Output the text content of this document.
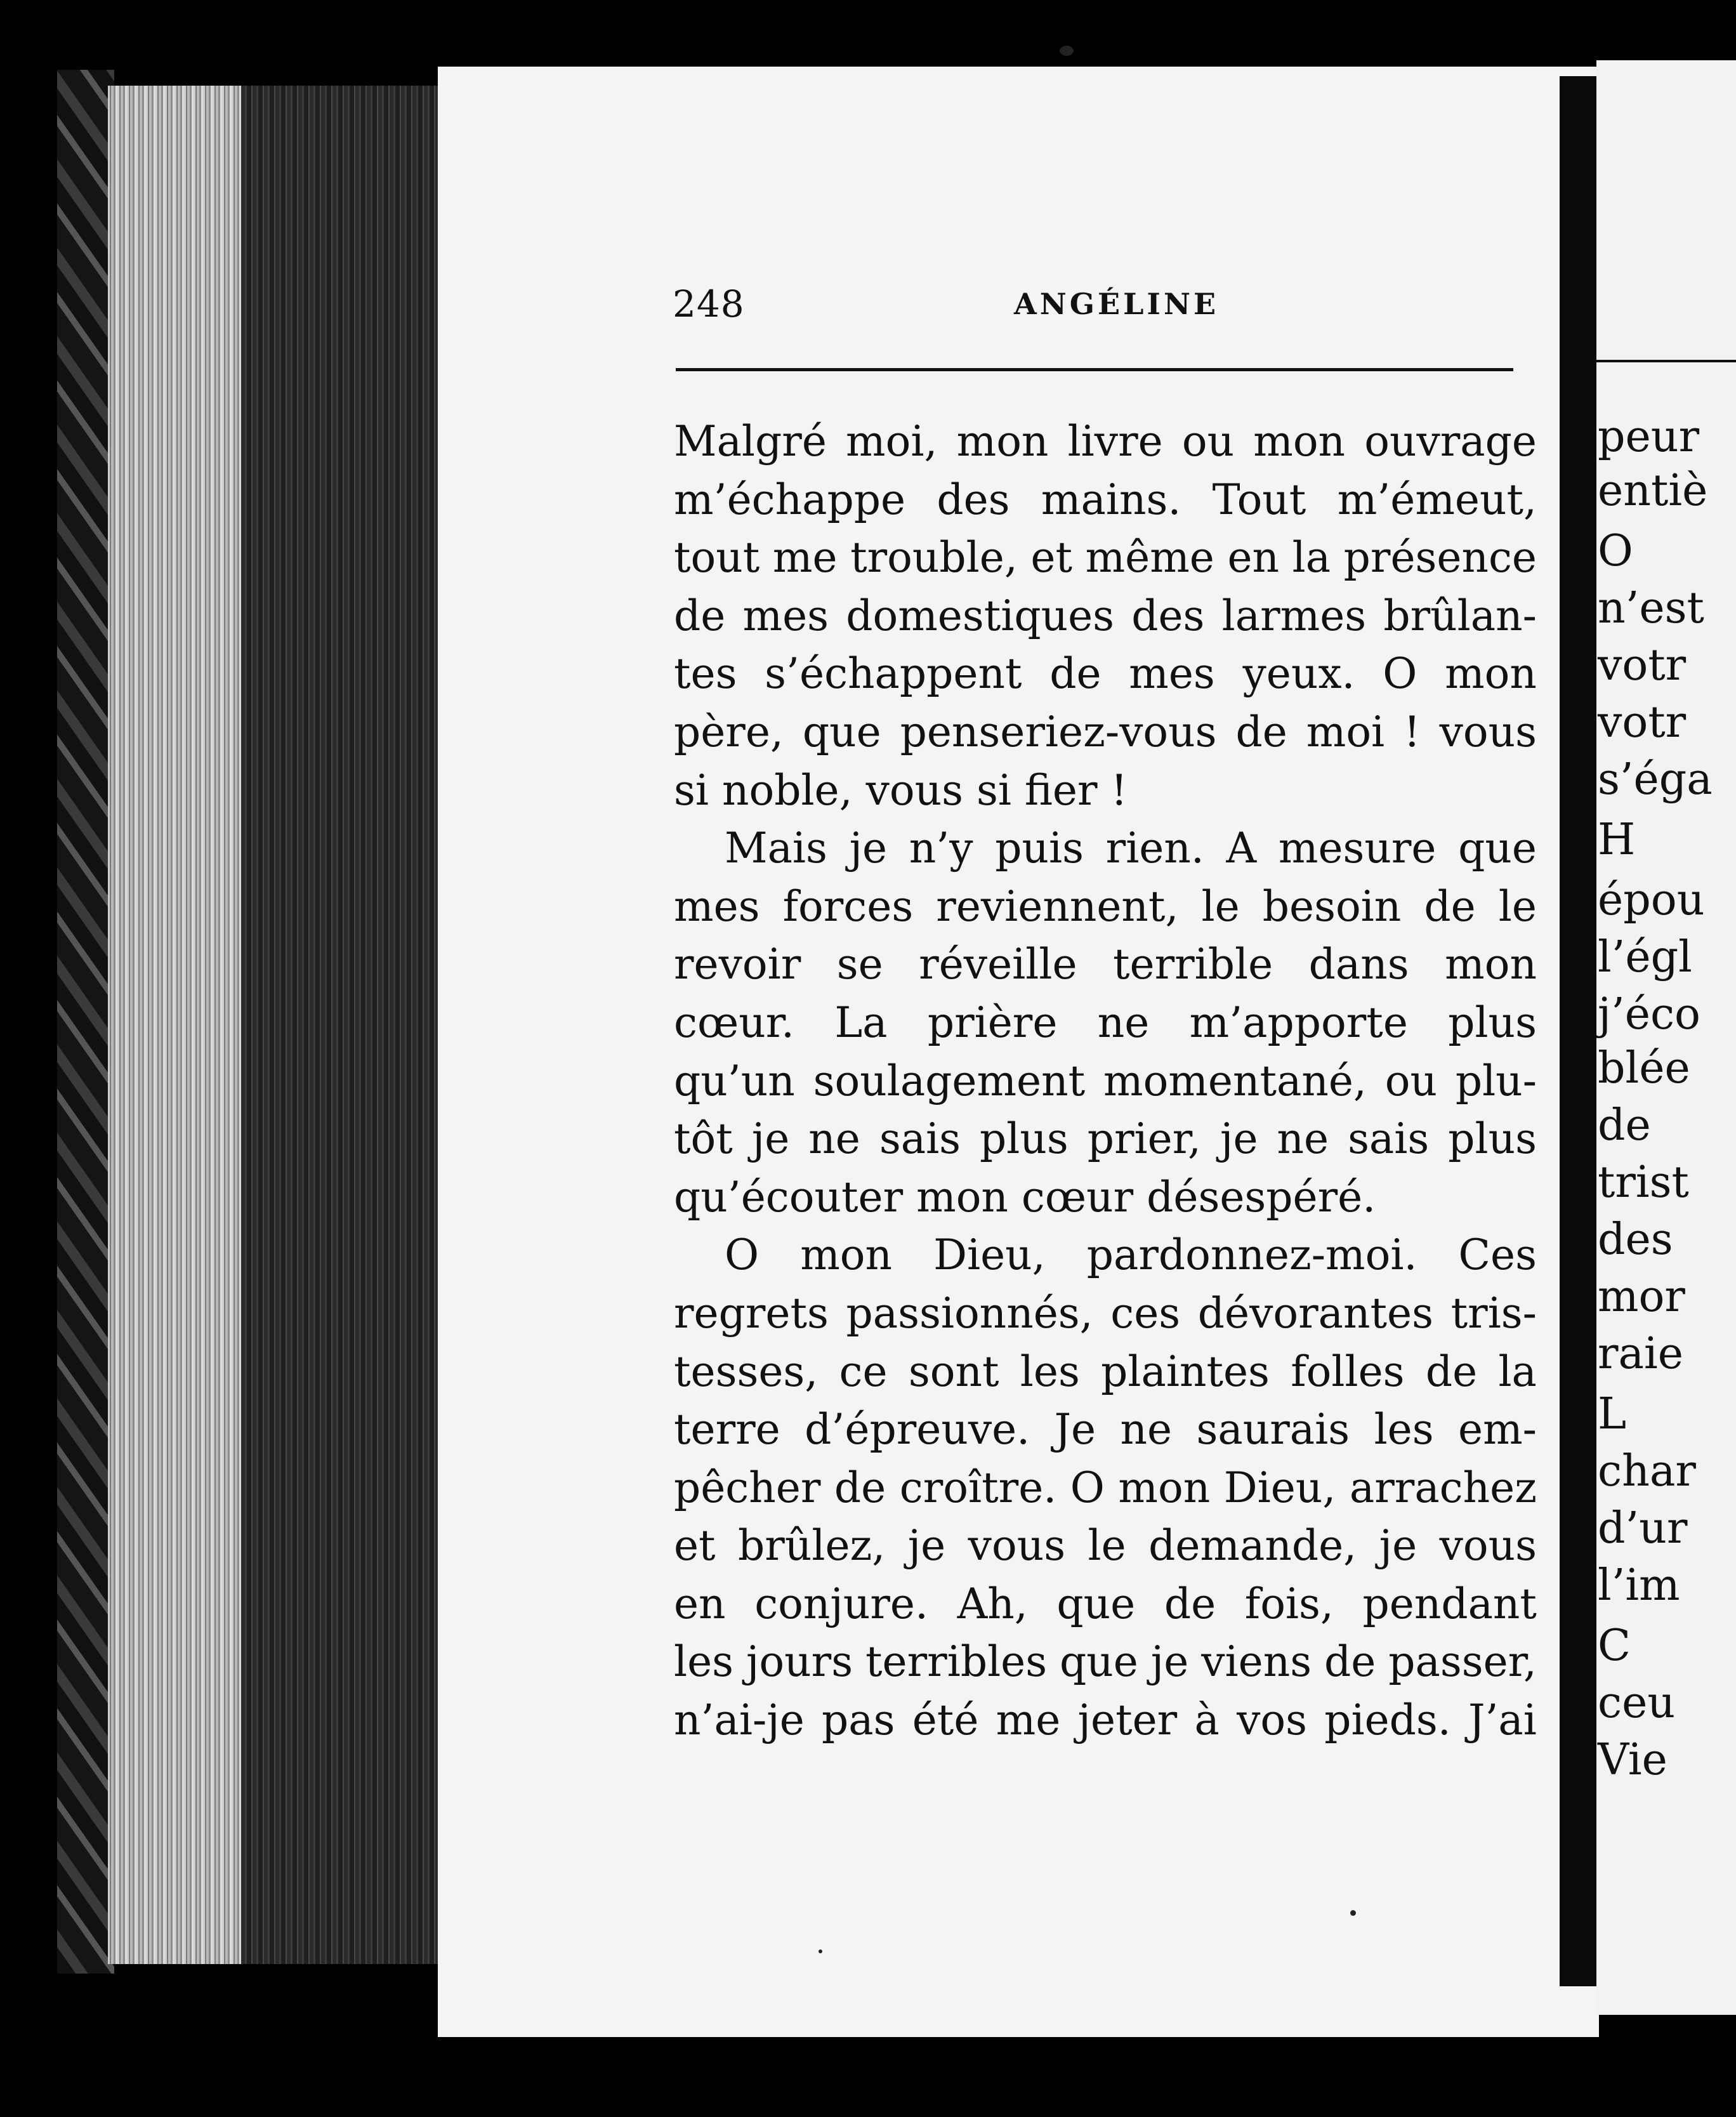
248	ANGÉLINE
Malgré moi, mon livre ou mon ouvrage
m’échappe des mains. Tout m’émeut,
tout me trouble, et même en la présence
de mes domestiques des larmes brûlan-
tes s’échappent de mes yeux. O mon
père, que penseriez-vous de moi ! vous
si noble, vous si fier !
Mais je n’y puis rien. A mesure que
mes forces reviennent, le besoin de le
revoir se réveille terrible dans mon
cœur. La prière ne m’apporte plus
qu’un soulagement momentané, ou plu-
tôt je ne sais plus prier, je ne sais plus
qu’écouter mon cœur désespéré.
O mon Dieu, pardonnez-moi. Ces
regrets passionnés, ces dévorantes tris-
tesses, ce sont les plaintes folles de la
terre d’épreuve. Je ne saurais les em-
pêcher de croître. O mon Dieu, arrachez
et brûlez, je vous le demande, je vous
en conjure. Ah, que de fois, pendant
les jours terribles que je viens de passer,
n’ai-je pas été me jeter à vos pieds. J’ai
peur
entiè
O
n’est
votr
votr
s’éga
H
épou
l’égl
j’éco
blée
de
trist
des
mor
raie
L
char
d’ur
l’im
C
ceu
Vie
